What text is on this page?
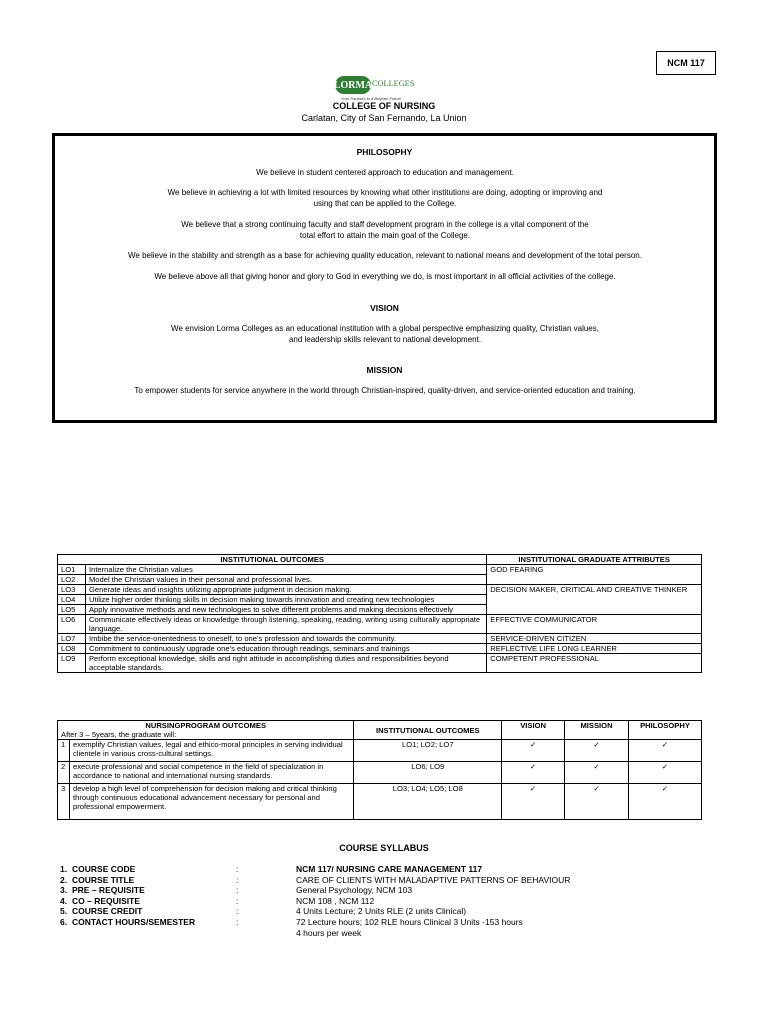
NCM 117
LORMA COLLEGES
Your Partners to a Brighter Future
COLLEGE OF NURSING
Carlatan, City of San Fernando, La Union
PHILOSOPHY
We believe in student centered approach to education and management.
We believe in achieving a lot with limited resources by knowing what other institutions are doing, adopting or improving and
using that can be applied to the College.
We believe that a strong continuing faculty and staff development program in the college is a vital component of the
total effort to attain the main goal of the College.
We believe in the stability and strength as a base for achieving quality education, relevant to national means and development of the total person.
We believe above all that giving honor and glory to God in everything we do, is most important in all official activities of the college.
VISION
We envision Lorma Colleges as an educational institution with a global perspective emphasizing quality, Christian values,
and leadership skills relevant to national development.
MISSION
To empower students for service anywhere in the world through Christian-inspired, quality-driven, and service-oriented education and training.
INSTITUTIONAL OUTCOMES		INSTITUTIONAL GRADUATE ATTRIBUTES
LO1	Internalize the Christian values	GOD FEARING
LO2	Model the Christian values in their personal and professional lives.	
LO3	Generate ideas and insights utilizing appropriate judgment in decision making.	DECISION MAKER, CRITICAL AND CREATIVE THINKER
LO4	Utilize higher order thinking skills in decision making towards innovation and creating new technologies	
LO5	Apply innovative methods and new technologies to solve different problems and making decisions effectively	
LO6	Communicate effectively ideas or knowledge through listening, speaking, reading, writing using culturally appropriate language.	EFFECTIVE COMMUNICATOR
LO7	Imbibe the service-orientedness to oneself, to one’s profession and towards the community.	SERVICE-DRIVEN CITIZEN
LO8	Commitment to continuously upgrade one’s education through readings, seminars and trainings	REFLECTIVE LIFE LONG LEARNER
LO9	Perform exceptional knowledge, skills and right attitude in accomplishing duties and responsibilities beyond acceptable standards.	COMPETENT PROFESSIONAL
NURSINGPROGRAM OUTCOMES
After 3 – 5years, the graduate will:		INSTITUTIONAL OUTCOMES	VISION	MISSION	PHILOSOPHY
1	exemplify Christian values, legal and ethico-moral principles in serving individual clientele in various cross-cultural settings.	LO1; LO2; LO7	✓	✓	✓
2	execute professional and social competence in the field of specialization in accordance to national and international nursing standards.	LO6; LO9	✓	✓	✓
3	develop a high level of comprehension for decision making and critical thinking through continuous educational advancement necessary for personal and professional empowerment.	LO3; LO4; LO5; LO8	✓	✓	✓
COURSE SYLLABUS
1. COURSE CODE	:	NCM 117/ NURSING CARE MANAGEMENT 117
2. COURSE TITLE	:	CARE OF CLIENTS WITH MALADAPTIVE PATTERNS OF BEHAVIOUR
3. PRE – REQUISITE	:	General Psychology, NCM 103
4. CO – REQUISITE	:	NCM 108 , NCM 112
5. COURSE CREDIT	:	4 Units Lecture; 2 Units RLE (2 units Clinical)
6. CONTACT HOURS/SEMESTER	:	72 Lecture hours; 102 RLE hours Clinical 3 Units -153 hours
4 hours per week
